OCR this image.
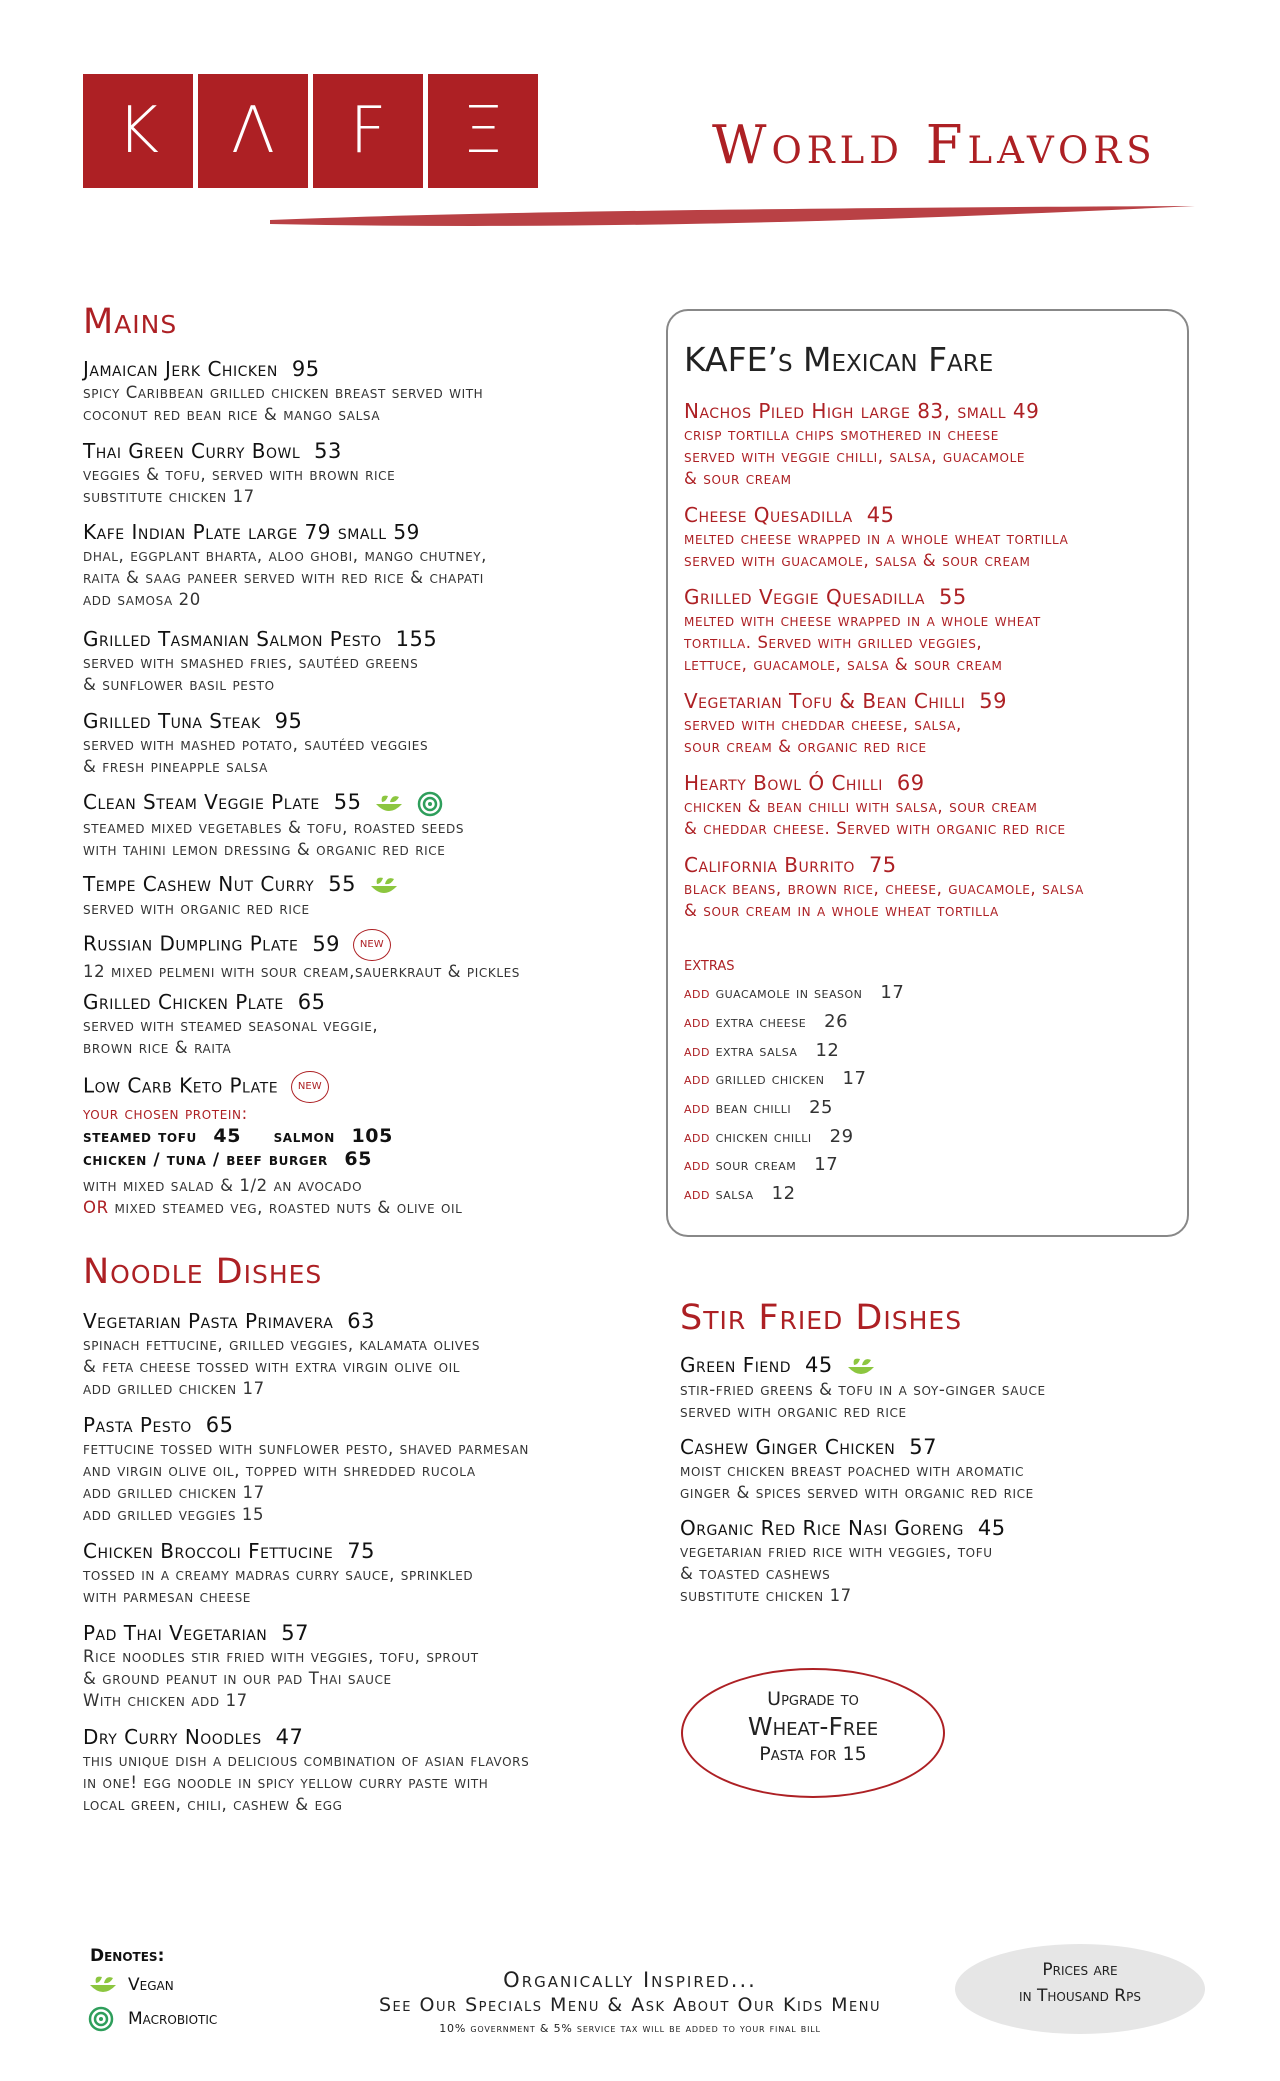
K	Λ	F	Ξ	World Flavors
Mains
Jamaican Jerk Chicken 95
spicy Caribbean grilled chicken breast served with
coconut red bean rice & mango salsa
Thai Green Curry Bowl 53
veggies & tofu, served with brown rice
substitute chicken 17
Kafe Indian Plate large 79 small 59
dhal, eggplant bharta, aloo ghobi, mango chutney,
raita & saag paneer served with red rice & chapati
add samosa 20
Grilled Tasmanian Salmon Pesto 155
served with smashed fries, sautéed greens
& sunflower basil pesto
Grilled Tuna Steak 95
served with mashed potato, sautéed veggies
& fresh pineapple salsa
Clean Steam Veggie Plate 55
steamed mixed vegetables & tofu, roasted seeds
with tahini lemon dressing & organic red rice
Tempe Cashew Nut Curry 55
served with organic red rice
Russian Dumpling Plate 59 NEW
12 mixed pelmeni with sour cream,sauerkraut & pickles
Grilled Chicken Plate 65
served with steamed seasonal veggie,
brown rice & raita
Low Carb Keto Plate NEW
your chosen protein:
steamed tofu 45 salmon 105
chicken / tuna / beef burger 65
with mixed salad & 1/2 an avocado
OR mixed steamed veg, roasted nuts & olive oil
Noodle Dishes
Vegetarian Pasta Primavera 63
spinach fettucine, grilled veggies, kalamata olives
& feta cheese tossed with extra virgin olive oil
add grilled chicken 17
Pasta Pesto 65
fettucine tossed with sunflower pesto, shaved parmesan
and virgin olive oil, topped with shredded rucola
add grilled chicken 17
add grilled veggies 15
Chicken Broccoli Fettucine 75
tossed in a creamy madras curry sauce, sprinkled
with parmesan cheese
Pad Thai Vegetarian 57
Rice noodles stir fried with veggies, tofu, sprout
& ground peanut in our pad Thai sauce
With chicken add 17
Dry Curry Noodles 47
this unique dish a delicious combination of asian flavors
in one! egg noodle in spicy yellow curry paste with
local green, chili, cashew & egg
KAFE’s Mexican Fare
Nachos Piled High large 83, small 49
crisp tortilla chips smothered in cheese
served with veggie chilli, salsa, guacamole
& sour cream
Cheese Quesadilla 45
melted cheese wrapped in a whole wheat tortilla
served with guacamole, salsa & sour cream
Grilled Veggie Quesadilla 55
melted with cheese wrapped in a whole wheat
tortilla. Served with grilled veggies,
lettuce, guacamole, salsa & sour cream
Vegetarian Tofu & Bean Chilli 59
served with cheddar cheese, salsa,
sour cream & organic red rice
Hearty Bowl Ó Chilli 69
chicken & bean chilli with salsa, sour cream
& cheddar cheese. Served with organic red rice
California Burrito 75
black beans, brown rice, cheese, guacamole, salsa
& sour cream in a whole wheat tortilla
extras
add guacamole in season 17
add extra cheese 26
add extra salsa 12
add grilled chicken 17
add bean chilli 25
add chicken chilli 29
add sour cream 17
add salsa 12
Stir Fried Dishes
Green Fiend 45
stir-fried greens & tofu in a soy-ginger sauce
served with organic red rice
Cashew Ginger Chicken 57
moist chicken breast poached with aromatic
ginger & spices served with organic red rice
Organic Red Rice Nasi Goreng 45
vegetarian fried rice with veggies, tofu
& toasted cashews
substitute chicken 17
Upgrade to
Wheat-Free
Pasta for 15
Denotes:
Vegan
Macrobiotic
Organically Inspired...
See Our Specials Menu & Ask About Our Kids Menu
10% government & 5% service tax will be added to your final bill
Prices are
in Thousand Rps
